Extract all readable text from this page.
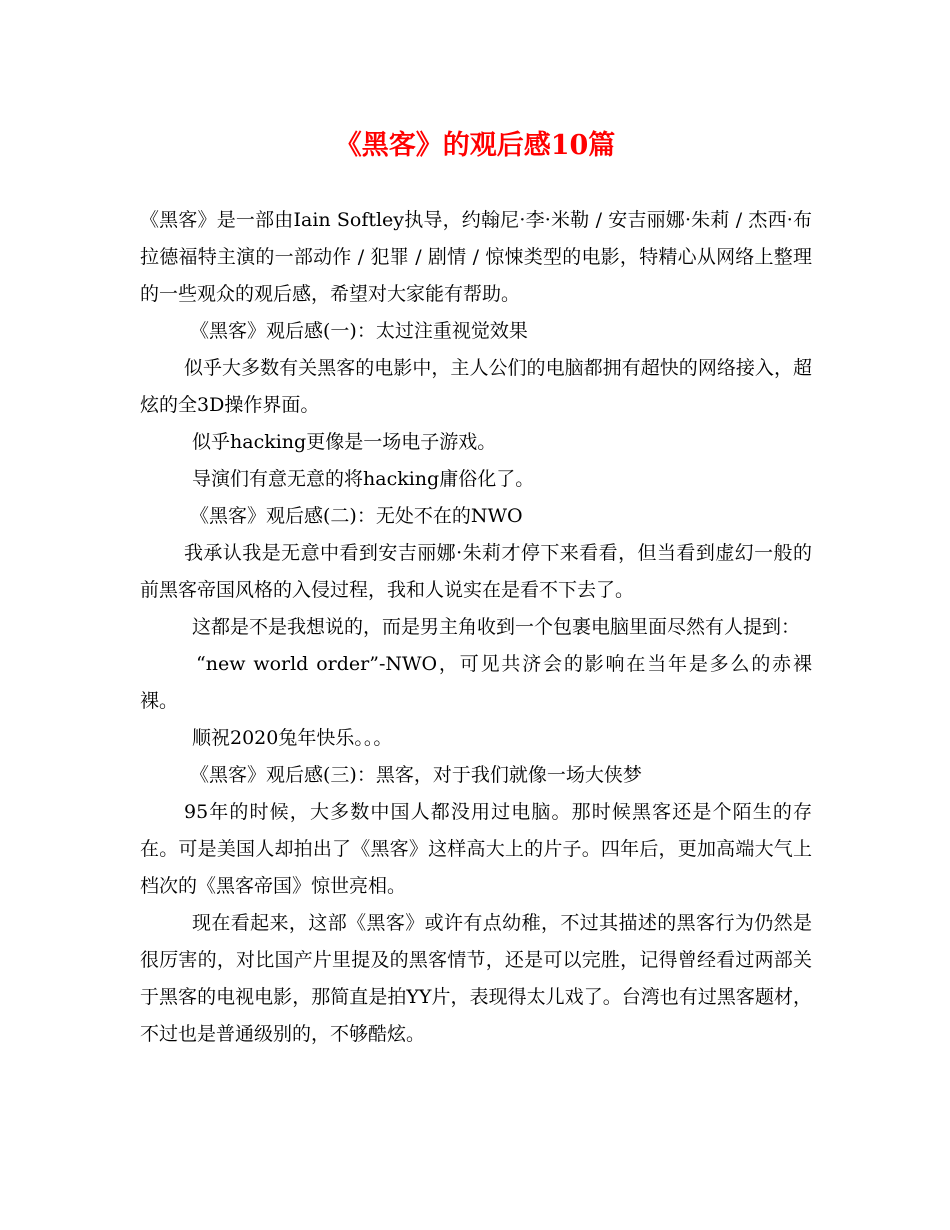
《黑客》的观后感10篇

《黑客》是一部由Iain Softley执导，约翰尼·李·米勒 / 安吉丽娜·朱莉 / 杰西·布拉德福特主演的一部动作 / 犯罪 / 剧情 / 惊悚类型的电影，特精心从网络上整理的一些观众的观后感，希望对大家能有帮助。

《黑客》观后感(一)：太过注重视觉效果

似乎大多数有关黑客的电影中，主人公们的电脑都拥有超快的网络接入，超炫的全3D操作界面。

似乎hacking更像是一场电子游戏。

导演们有意无意的将hacking庸俗化了。

《黑客》观后感(二)：无处不在的NWO

我承认我是无意中看到安吉丽娜·朱莉才停下来看看，但当看到虚幻一般的前黑客帝国风格的入侵过程，我和人说实在是看不下去了。

这都是不是我想说的，而是男主角收到一个包裹电脑里面尽然有人提到：

“new world order”-NWO，可见共济会的影响在当年是多么的赤裸裸。

顺祝2020兔年快乐。。。

《黑客》观后感(三)：黑客，对于我们就像一场大侠梦

95年的时候，大多数中国人都没用过电脑。那时候黑客还是个陌生的存在。可是美国人却拍出了《黑客》这样高大上的片子。四年后，更加高端大气上档次的《黑客帝国》惊世亮相。

现在看起来，这部《黑客》或许有点幼稚，不过其描述的黑客行为仍然是很厉害的，对比国产片里提及的黑客情节，还是可以完胜，记得曾经看过两部关于黑客的电视电影，那简直是拍YY片，表现得太儿戏了。台湾也有过黑客题材，不过也是普通级别的，不够酷炫。
